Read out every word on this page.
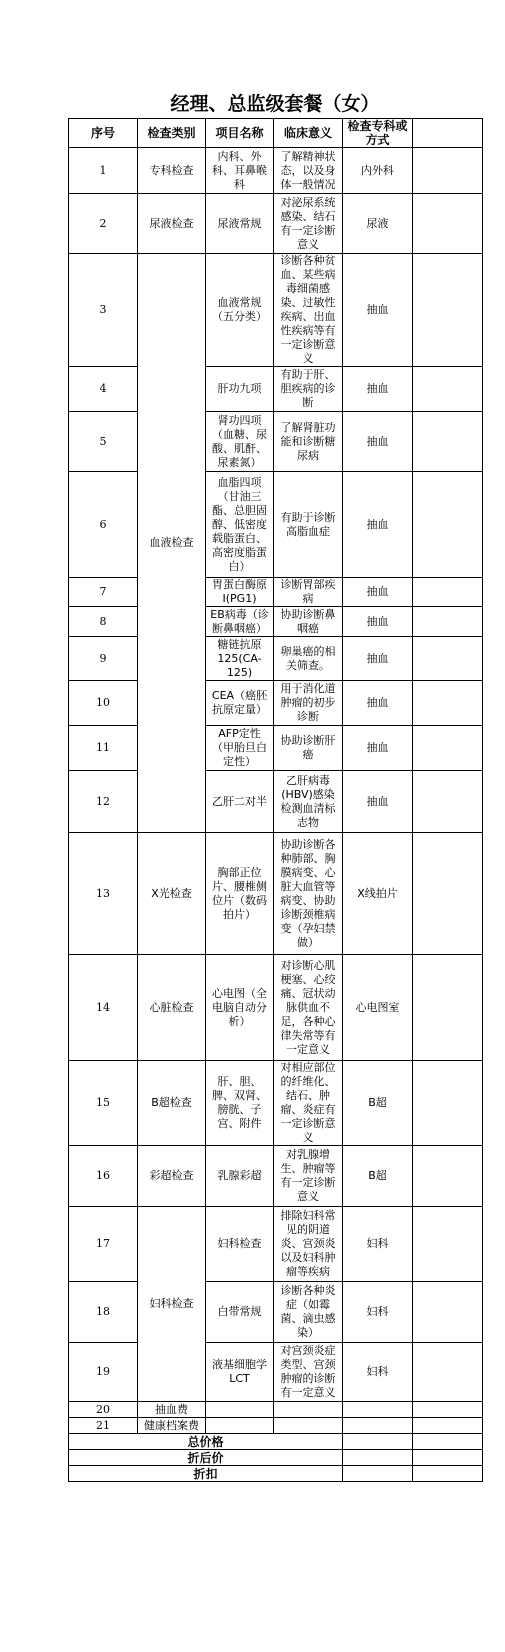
经理、总监级套餐（女）
序号	检查类别	项目名称	临床意义	检查专科或方式	
1	专科检查	内科、外科、耳鼻喉科	了解精神状态，以及身体一般情况	内外科	
2	尿液检查	尿液常规	对泌尿系统感染、结石有一定诊断意义	尿液	
3	血液检查	血液常规（五分类）	诊断各种贫血、某些病毒细菌感染、过敏性疾病、出血性疾病等有一定诊断意义	抽血	
4		肝功九项	有助于肝、胆疾病的诊断	抽血	
5		肾功四项（血糖、尿酸、肌酐、尿素氮）	了解肾脏功能和诊断糖尿病	抽血	
6		血脂四项（甘油三酯、总胆固醇、低密度载脂蛋白、高密度脂蛋白）	有助于诊断高脂血症	抽血	
7		胃蛋白酶原Ⅰ(PG1)	诊断胃部疾病	抽血	
8		EB病毒（诊断鼻咽癌）	协助诊断鼻咽癌	抽血	
9		糖链抗原125(CA-125)	卵巢癌的相关筛查。	抽血	
10		CEA（癌胚抗原定量）	用于消化道肿瘤的初步诊断	抽血	
11		AFP定性（甲胎旦白定性）	协助诊断肝癌	抽血	
12		乙肝二对半	乙肝病毒(HBV)感染检测血清标志物	抽血	
13	X光检查	胸部正位片、腰椎侧位片（数码拍片）	协助诊断各种肺部、胸膜病变、心脏大血管等病变、协助诊断颈椎病变（孕妇禁做）	X线拍片	
14	心脏检查	心电图（全电脑自动分析）	对诊断心肌梗塞、心绞痛、冠状动脉供血不足，各种心律失常等有一定意义	心电图室	
15	B超检查	肝、胆、脾、双肾、膀胱、子宫、附件	对相应部位的纤维化、结石、肿瘤、炎症有一定诊断意义	B超	
16	彩超检查	乳腺彩超	对乳腺增生、肿瘤等有一定诊断意义	B超	
17	妇科检查	妇科检查	排除妇科常见的阴道炎、宫颈炎以及妇科肿瘤等疾病	妇科	
18		白带常规	诊断各种炎症（如霉菌、滴虫感染）	妇科	
19		液基细胞学LCT	对宫颈炎症类型、宫颈肿瘤的诊断有一定意义	妇科	
20	抽血费				
21	健康档案费				
总价格					
折后价					
折扣					
